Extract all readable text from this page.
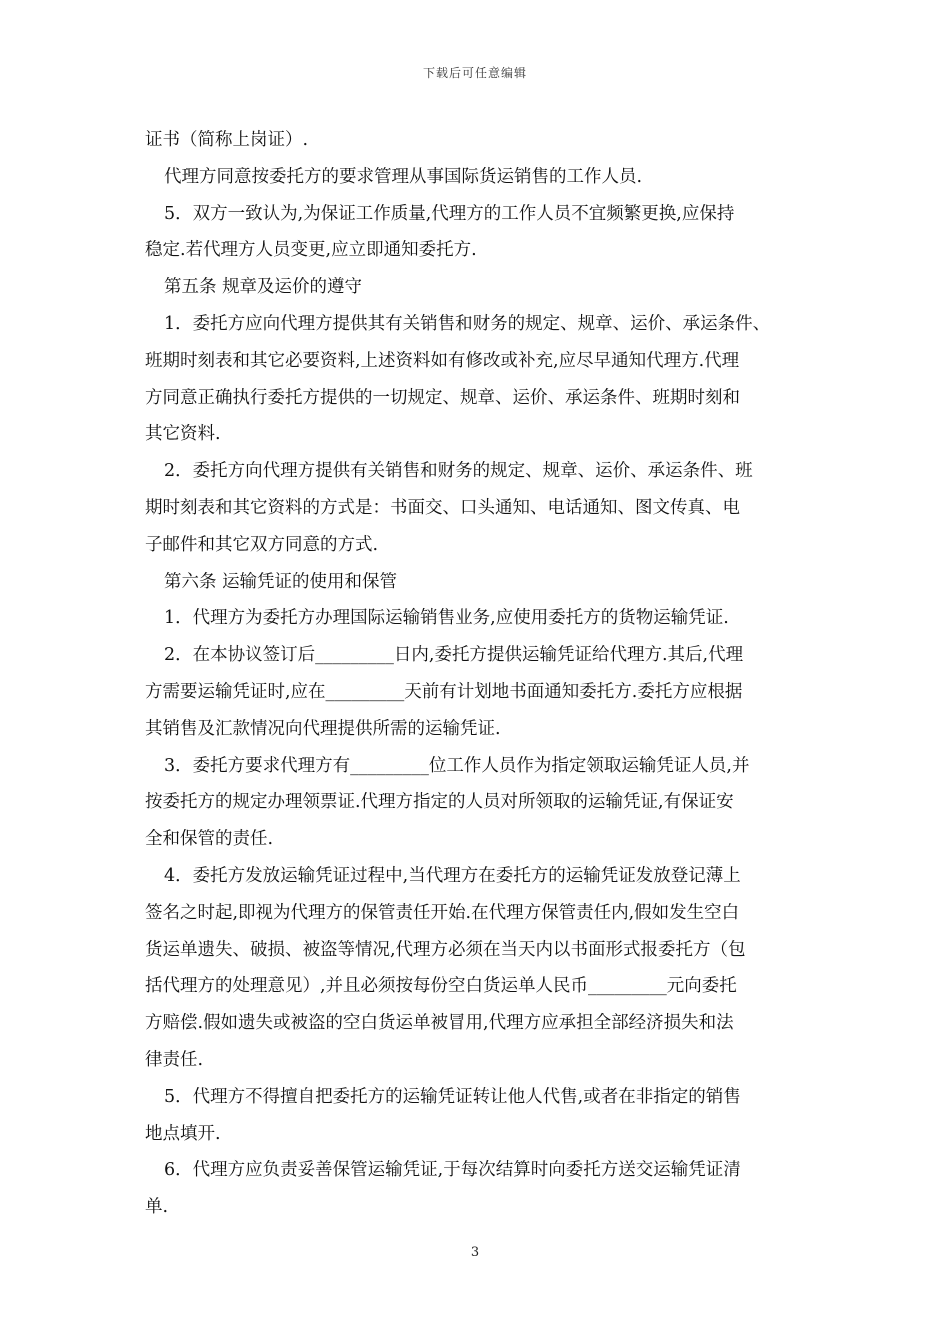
下载后可任意编辑
证书（简称上岗证）.
代理方同意按委托方的要求管理从事国际货运销售的工作人员.
5．双方一致认为,为保证工作质量,代理方的工作人员不宜频繁更换,应保持
稳定.若代理方人员变更,应立即通知委托方.
第五条 规章及运价的遵守
1．委托方应向代理方提供其有关销售和财务的规定、规章、运价、承运条件、
班期时刻表和其它必要资料,上述资料如有修改或补充,应尽早通知代理方.代理
方同意正确执行委托方提供的一切规定、规章、运价、承运条件、班期时刻和
其它资料.
2．委托方向代理方提供有关销售和财务的规定、规章、运价、承运条件、班
期时刻表和其它资料的方式是：书面交、口头通知、电话通知、图文传真、电
子邮件和其它双方同意的方式.
第六条 运输凭证的使用和保管
1．代理方为委托方办理国际运输销售业务,应使用委托方的货物运输凭证.
2．在本协议签订后_________日内,委托方提供运输凭证给代理方.其后,代理
方需要运输凭证时,应在_________天前有计划地书面通知委托方.委托方应根据
其销售及汇款情况向代理提供所需的运输凭证.
3．委托方要求代理方有_________位工作人员作为指定领取运输凭证人员,并
按委托方的规定办理领票证.代理方指定的人员对所领取的运输凭证,有保证安
全和保管的责任.
4．委托方发放运输凭证过程中,当代理方在委托方的运输凭证发放登记薄上
签名之时起,即视为代理方的保管责任开始.在代理方保管责任内,假如发生空白
货运单遗失、破损、被盗等情况,代理方必须在当天内以书面形式报委托方（包
括代理方的处理意见）,并且必须按每份空白货运单人民币_________元向委托
方赔偿.假如遗失或被盗的空白货运单被冒用,代理方应承担全部经济损失和法
律责任.
5．代理方不得擅自把委托方的运输凭证转让他人代售,或者在非指定的销售
地点填开.
6．代理方应负责妥善保管运输凭证,于每次结算时向委托方送交运输凭证清
单.
3
